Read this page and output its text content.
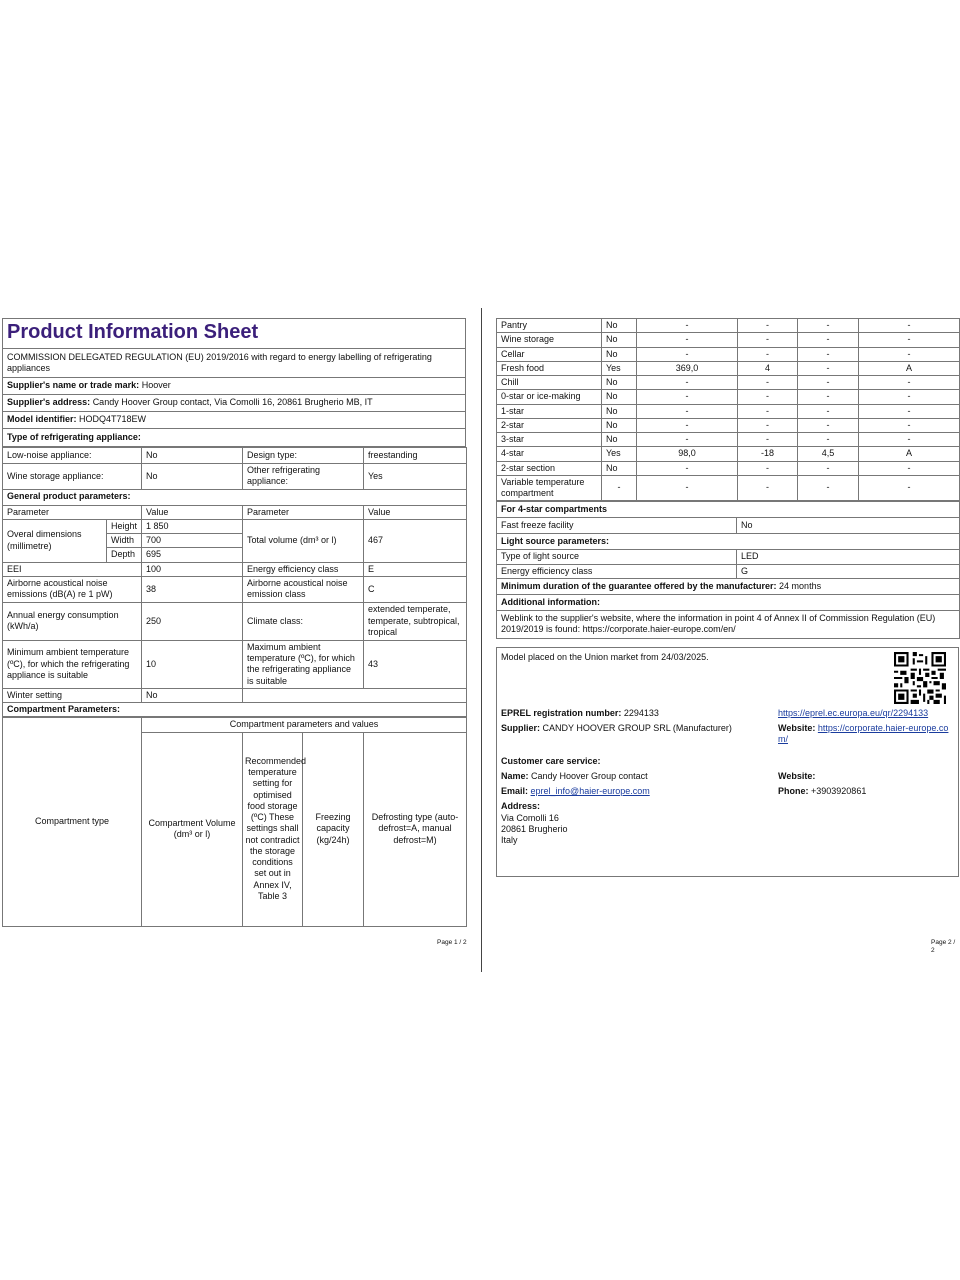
Product Information Sheet
COMMISSION DELEGATED REGULATION (EU) 2019/2016 with regard to energy labelling of refrigerating appliances
Supplier's name or trade mark: Hoover
Supplier's address: Candy Hoover Group contact, Via Comolli 16, 20861 Brugherio MB, IT
Model identifier: HODQ4T718EW
Type of refrigerating appliance:
Low-noise appliance:		No	Design type:	freestanding
Wine storage appliance:		No	Other refrigerating appliance:	Yes
General product parameters:				
Parameter		Value	Parameter	Value
Overal dimensions (millimetre)	Height	1 850	Total volume (dm³ or l)	467
	Width	700		
	Depth	695		
EEI		100	Energy efficiency class	E
Airborne acoustical noise emissions (dB(A) re 1 pW)		38	Airborne acoustical noise emission class	C
Annual energy consumption (kWh/a)		250	Climate class:	extended temperate, temperate, subtropical, tropical
Minimum ambient temperature (ºC), for which the refrigerating appliance is suitable		10	Maximum ambient temperature (ºC), for which the refrigerating appliance is suitable	43
Winter setting		No		
Compartment Parameters:				
Compartment type	Compartment parameters and values			
	Compartment Volume (dm³ or l)	Recommended temperature setting for optimised food storage (ºC) These settings shall not contradict the storage conditions set out in Annex IV, Table 3	Freezing capacity (kg/24h)	Defrosting type (auto-defrost=A, manual defrost=M)
Page 1 / 2
Pantry	No	-	-	-	-
Wine storage	No	-	-	-	-
Cellar	No	-	-	-	-
Fresh food	Yes	369,0	4	-	A
Chill	No	-	-	-	-
0-star or ice-making	No	-	-	-	-
1-star	No	-	-	-	-
2-star	No	-	-	-	-
3-star	No	-	-	-	-
4-star	Yes	98,0	-18	4,5	A
2-star section	No	-	-	-	-
Variable temperature compartment	-	-	-	-	-
For 4-star compartments	
Fast freeze facility	No
Light source parameters:	
Type of light source	LED
Energy efficiency class	G
Minimum duration of the guarantee offered by the manufacturer: 24 months	
Additional information:	
Weblink to the supplier's website, where the information in point 4 of Annex II of Commission Regulation (EU) 2019/2019 is found: https://corporate.haier-europe.com/en/	
Model placed on the Union market from 24/03/2025.
EPREL registration number: 2294133	https://eprel.ec.europa.eu/qr/2294133
Supplier: CANDY HOOVER GROUP SRL (Manufacturer)	Website: https://corporate.haier-europe.com/
Customer care service:	
Name: Candy Hoover Group contact	Website:
Email: eprel_info@haier-europe.com	Phone: +3903920861

Address:
Via Comolli 16
20861 Brugherio
Italy	
Page 2 / 2
